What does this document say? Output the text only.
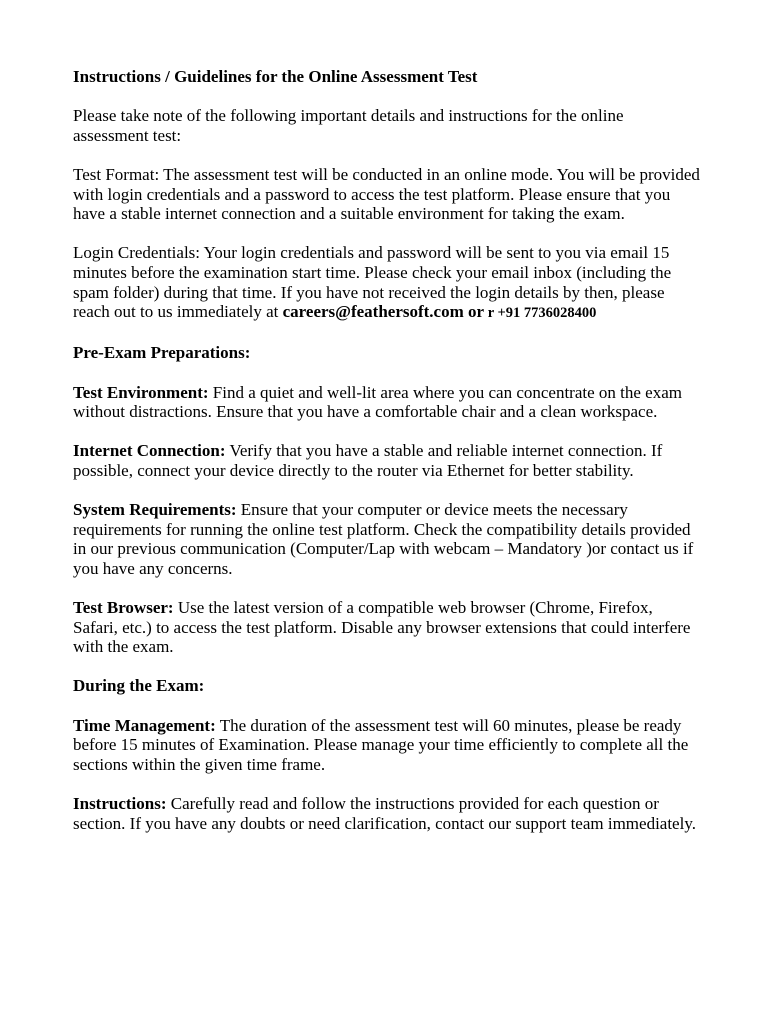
Instructions / Guidelines for the Online Assessment Test

Please take note of the following important details and instructions for the online assessment test:

Test Format: The assessment test will be conducted in an online mode. You will be provided with login credentials and a password to access the test platform. Please ensure that you have a stable internet connection and a suitable environment for taking the exam.

Login Credentials: Your login credentials and password will be sent to you via email 15 minutes before the examination start time. Please check your email inbox (including the spam folder) during that time. If you have not received the login details by then, please reach out to us immediately at careers@feathersoft.com or r +91 7736028400

Pre-Exam Preparations:

Test Environment: Find a quiet and well-lit area where you can concentrate on the exam without distractions. Ensure that you have a comfortable chair and a clean workspace.

Internet Connection: Verify that you have a stable and reliable internet connection. If possible, connect your device directly to the router via Ethernet for better stability.

System Requirements: Ensure that your computer or device meets the necessary requirements for running the online test platform. Check the compatibility details provided in our previous communication (Computer/Lap with webcam – Mandatory )or contact us if you have any concerns.

Test Browser: Use the latest version of a compatible web browser (Chrome, Firefox, Safari, etc.) to access the test platform. Disable any browser extensions that could interfere with the exam.

During the Exam:

Time Management: The duration of the assessment test will 60 minutes, please be ready before 15 minutes of Examination. Please manage your time efficiently to complete all the sections within the given time frame.

Instructions: Carefully read and follow the instructions provided for each question or section. If you have any doubts or need clarification, contact our support team immediately.
